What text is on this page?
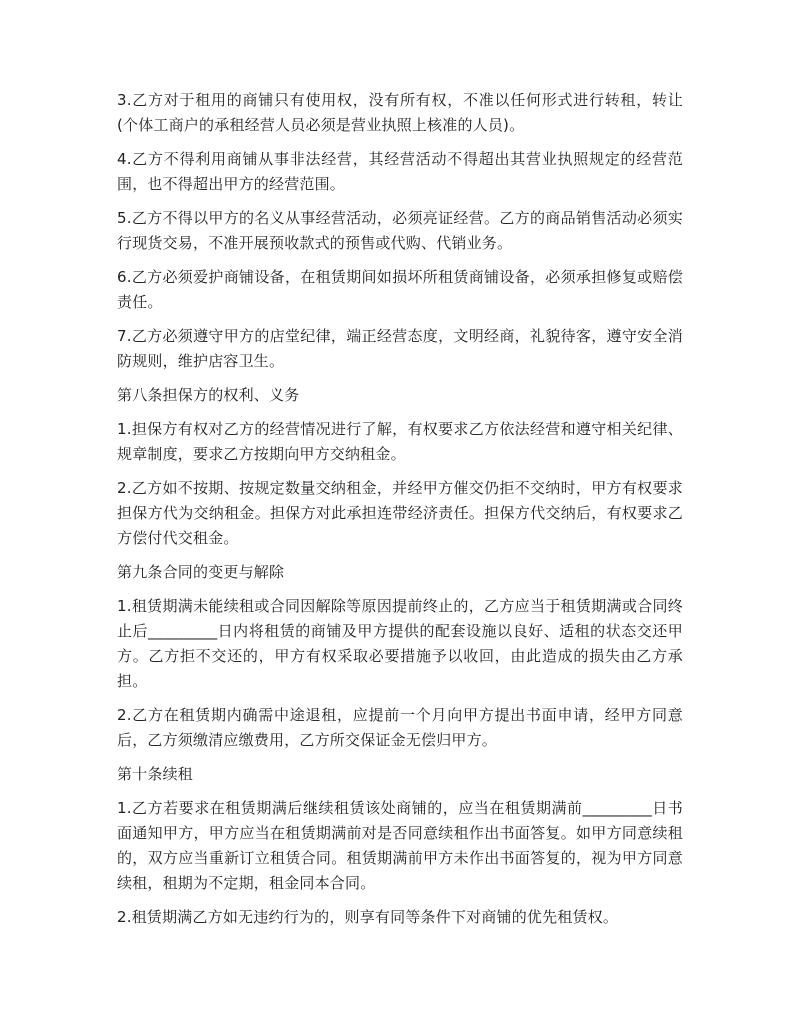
3.乙方对于租用的商铺只有使用权，没有所有权，不准以任何形式进行转租，转让(个体工商户的承租经营人员必须是营业执照上核准的人员)。

4.乙方不得利用商铺从事非法经营，其经营活动不得超出其营业执照规定的经营范围，也不得超出甲方的经营范围。

5.乙方不得以甲方的名义从事经营活动，必须亮证经营。乙方的商品销售活动必须实行现货交易，不准开展预收款式的预售或代购、代销业务。

6.乙方必须爱护商铺设备，在租赁期间如损坏所租赁商铺设备，必须承担修复或赔偿责任。

7.乙方必须遵守甲方的店堂纪律，端正经营态度，文明经商，礼貌待客，遵守安全消防规则，维护店容卫生。

第八条担保方的权利、义务

1.担保方有权对乙方的经营情况进行了解，有权要求乙方依法经营和遵守相关纪律、规章制度，要求乙方按期向甲方交纳租金。

2.乙方如不按期、按规定数量交纳租金，并经甲方催交仍拒不交纳时，甲方有权要求担保方代为交纳租金。担保方对此承担连带经济责任。担保方代交纳后，有权要求乙方偿付代交租金。

第九条合同的变更与解除

1.租赁期满未能续租或合同因解除等原因提前终止的，乙方应当于租赁期满或合同终止后_________日内将租赁的商铺及甲方提供的配套设施以良好、适租的状态交还甲方。乙方拒不交还的，甲方有权采取必要措施予以收回，由此造成的损失由乙方承担。

2.乙方在租赁期内确需中途退租，应提前一个月向甲方提出书面申请，经甲方同意后，乙方须缴清应缴费用，乙方所交保证金无偿归甲方。

第十条续租

1.乙方若要求在租赁期满后继续租赁该处商铺的，应当在租赁期满前_________日书面通知甲方，甲方应当在租赁期满前对是否同意续租作出书面答复。如甲方同意续租的，双方应当重新订立租赁合同。租赁期满前甲方未作出书面答复的，视为甲方同意续租，租期为不定期，租金同本合同。

2.租赁期满乙方如无违约行为的，则享有同等条件下对商铺的优先租赁权。
